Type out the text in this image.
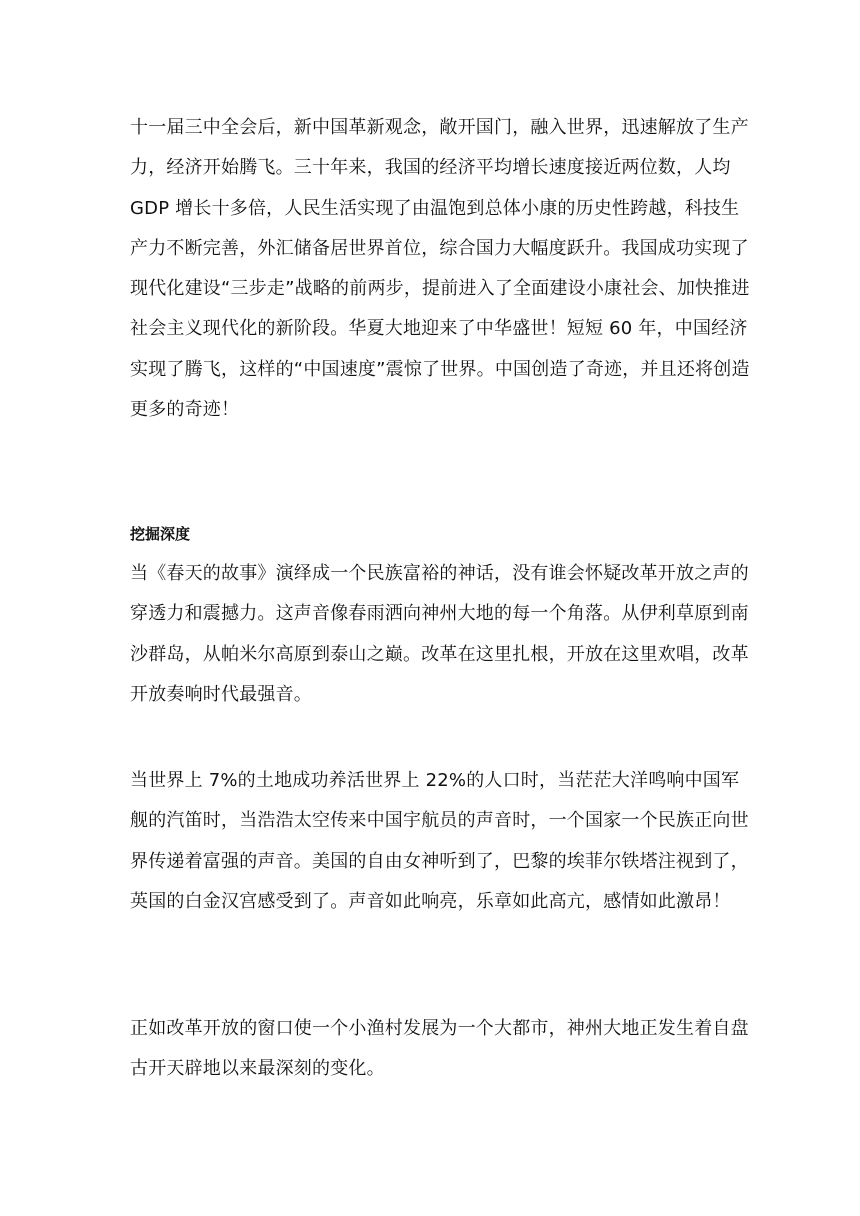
十一届三中全会后，新中国革新观念，敞开国门，融入世界，迅速解放了生产力，经济开始腾飞。三十年来，我国的经济平均增长速度接近两位数，人均 GDP 增长十多倍，人民生活实现了由温饱到总体小康的历史性跨越，科技生产力不断完善，外汇储备居世界首位，综合国力大幅度跃升。我国成功实现了现代化建设“三步走”战略的前两步，提前进入了全面建设小康社会、加快推进社会主义现代化的新阶段。华夏大地迎来了中华盛世！短短 60 年，中国经济实现了腾飞，这样的“中国速度”震惊了世界。中国创造了奇迹，并且还将创造更多的奇迹！

挖掘深度

当《春天的故事》演绎成一个民族富裕的神话，没有谁会怀疑改革开放之声的穿透力和震撼力。这声音像春雨洒向神州大地的每一个角落。从伊利草原到南沙群岛，从帕米尔高原到泰山之巅。改革在这里扎根，开放在这里欢唱，改革开放奏响时代最强音。

当世界上 7%的土地成功养活世界上 22%的人口时，当茫茫大洋鸣响中国军舰的汽笛时，当浩浩太空传来中国宇航员的声音时，一个国家一个民族正向世界传递着富强的声音。美国的自由女神听到了，巴黎的埃菲尔铁塔注视到了，英国的白金汉宫感受到了。声音如此响亮，乐章如此高亢，感情如此激昂！

正如改革开放的窗口使一个小渔村发展为一个大都市，神州大地正发生着自盘古开天辟地以来最深刻的变化。
